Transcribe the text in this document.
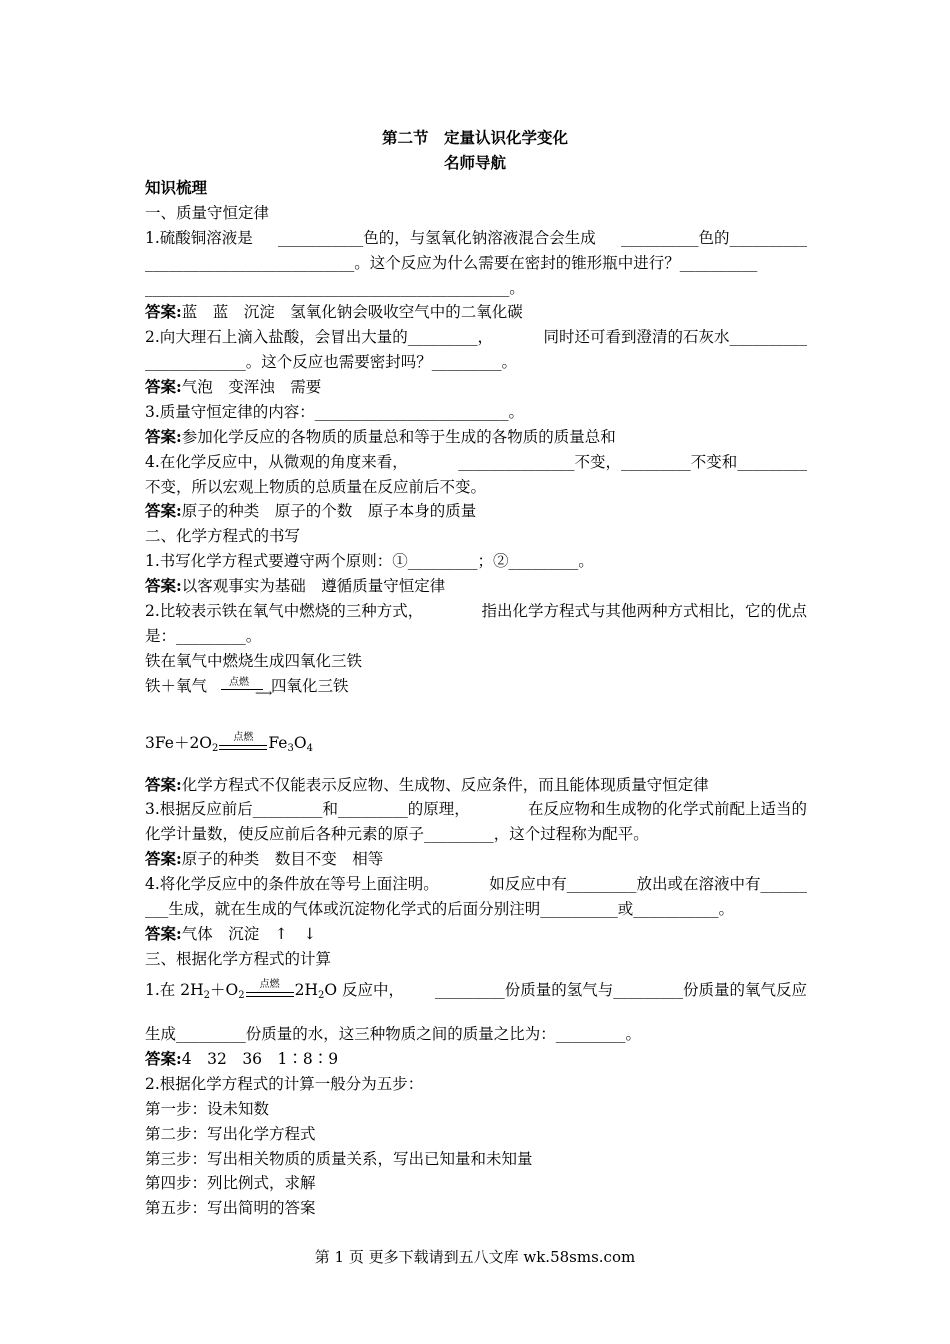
第二节　定量认识化学变化
名师导航
知识梳理
一、质量守恒定律
1.硫酸铜溶液是 ___________色的，与氢氧化钠溶液混合会生成 __________色的__________
___________________________。这个反应为什么需要在密封的锥形瓶中进行？__________
_______________________________________________。
答案:蓝　蓝　沉淀　氢氧化钠会吸收空气中的二氧化碳
2.向大理石上滴入盐酸，会冒出大量的_________，	同时还可看到澄清的石灰水__________
_____________。这个反应也需要密封吗？_________。
答案:气泡　变浑浊　需要
3.质量守恒定律的内容：_________________________。
答案:参加化学反应的各物质的质量总和等于生成的各物质的质量总和
4.在化学反应中，从微观的角度来看，	_______________不变，_________不变和_________
不变，所以宏观上物质的总质量在反应前后不变。
答案:原子的种类　原子的个数　原子本身的质量
二、化学方程式的书写
1.书写化学方程式要遵守两个原则：①_________；②_________。
答案:以客观事实为基础　遵循质量守恒定律
2.比较表示铁在氧气中燃烧的三种方式，	指出化学方程式与其他两种方式相比，它的优点
是：_________。
铁在氧气中燃烧生成四氧化三铁
铁＋氧气	点燃
⟶
四氧化三铁
$3Fe+2O_2$
点燃 $Fe_3O_4$
答案:化学方程式不仅能表示反应物、生成物、反应条件，而且能体现质量守恒定律
3.根据反应前后_________和_________的原理，	在反应物和生成物的化学式前配上适当的
化学计量数，使反应前后各种元素的原子_________，这个过程称为配平。
答案:原子的种类　数目不变　相等
4.将化学反应中的条件放在等号上面注明。	如反应中有_________放出或在溶液中有______
___生成，就在生成的气体或沉淀物化学式的后面分别注明__________或___________。
答案:气体　沉淀　↑　↓
三、根据化学方程式的计算
1.在 $2H_2+O_2$
点燃 $2H_2O$ 反应中， _________份质量的氢气与_________份质量的氧气反应
生成_________份质量的水，这三种物质之间的质量之比为：_________。
答案:4　32　36　1∶8∶9
2.根据化学方程式的计算一般分为五步：
第一步：设未知数
第二步：写出化学方程式
第三步：写出相关物质的质量关系，写出已知量和未知量
第四步：列比例式，求解
第五步：写出简明的答案
第 1 页 更多下载请到五八文库 wk.58sms.com
